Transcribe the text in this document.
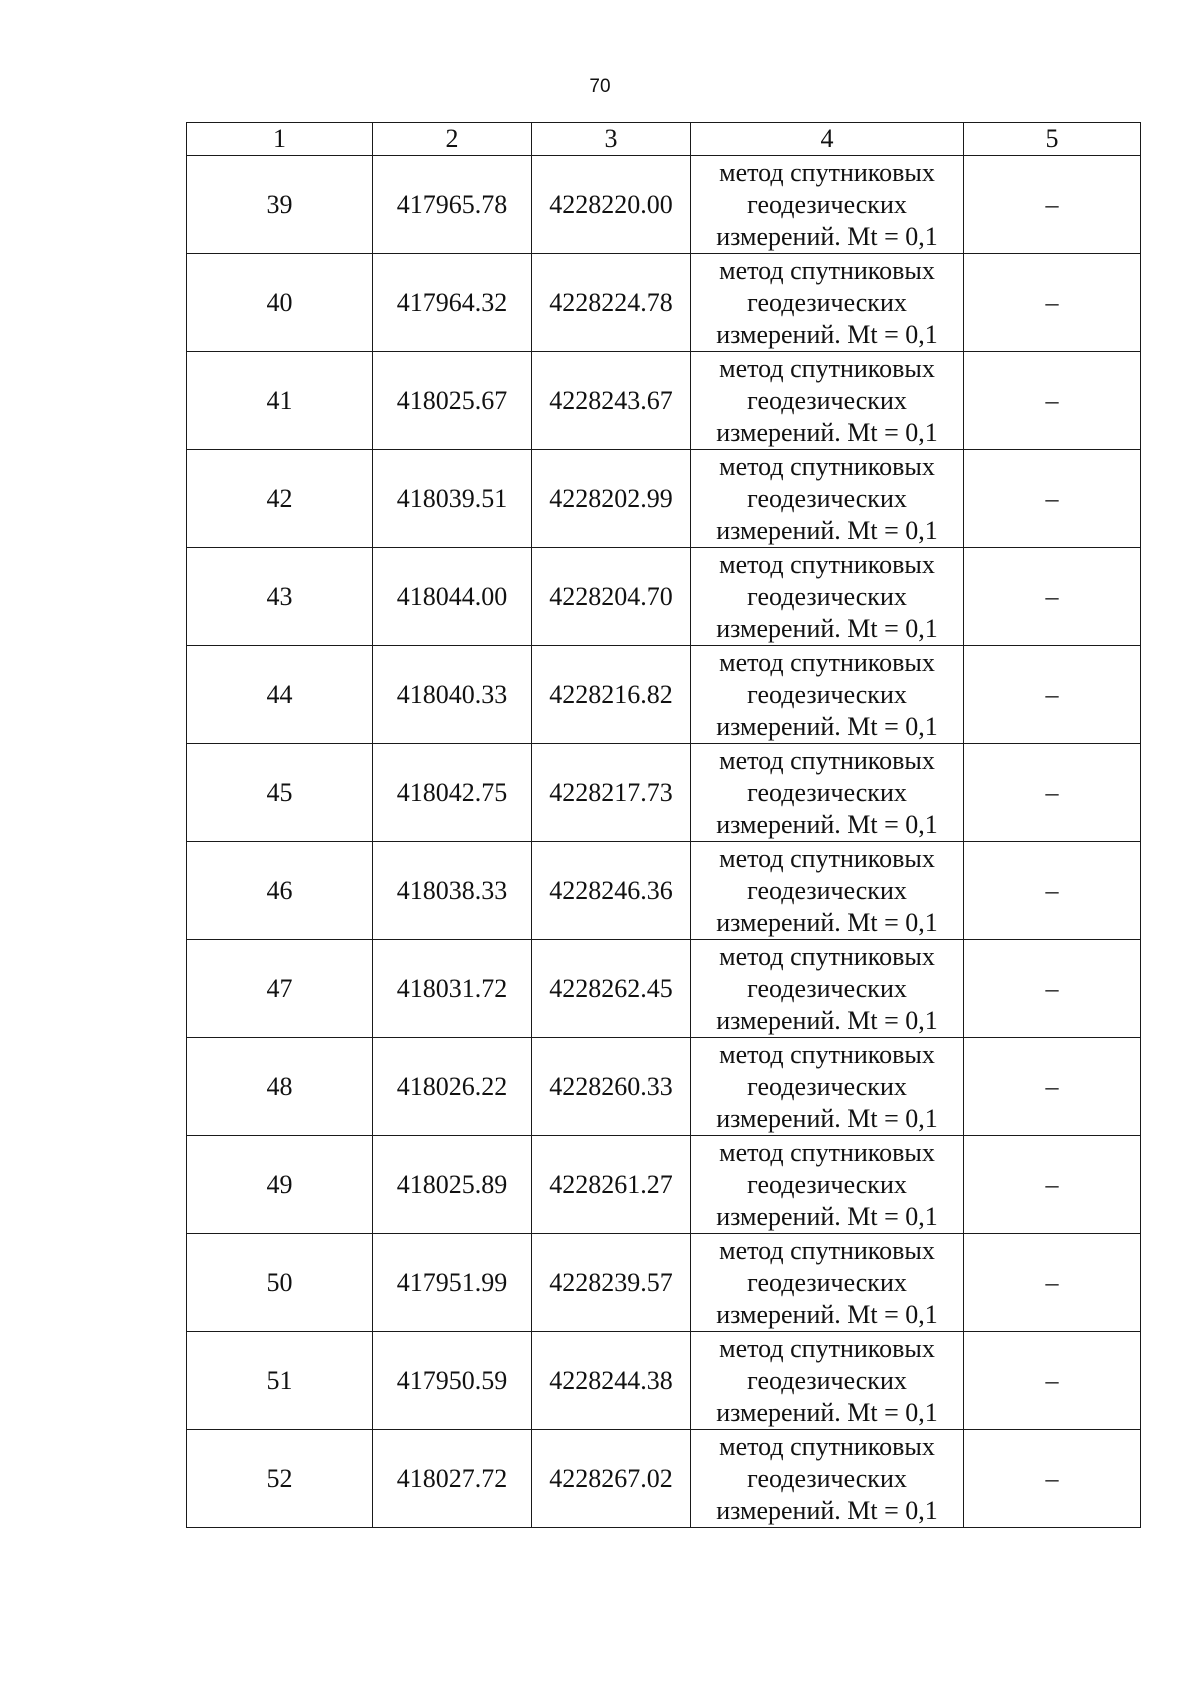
70
1	2	3	4	5
39	417965.78	4228220.00	метод спутниковых геодезических измерений. Mt = 0,1	–
40	417964.32	4228224.78	метод спутниковых геодезических измерений. Mt = 0,1	–
41	418025.67	4228243.67	метод спутниковых геодезических измерений. Mt = 0,1	–
42	418039.51	4228202.99	метод спутниковых геодезических измерений. Mt = 0,1	–
43	418044.00	4228204.70	метод спутниковых геодезических измерений. Mt = 0,1	–
44	418040.33	4228216.82	метод спутниковых геодезических измерений. Mt = 0,1	–
45	418042.75	4228217.73	метод спутниковых геодезических измерений. Mt = 0,1	–
46	418038.33	4228246.36	метод спутниковых геодезических измерений. Mt = 0,1	–
47	418031.72	4228262.45	метод спутниковых геодезических измерений. Mt = 0,1	–
48	418026.22	4228260.33	метод спутниковых геодезических измерений. Mt = 0,1	–
49	418025.89	4228261.27	метод спутниковых геодезических измерений. Mt = 0,1	–
50	417951.99	4228239.57	метод спутниковых геодезических измерений. Mt = 0,1	–
51	417950.59	4228244.38	метод спутниковых геодезических измерений. Mt = 0,1	–
52	418027.72	4228267.02	метод спутниковых геодезических измерений. Mt = 0,1	–
